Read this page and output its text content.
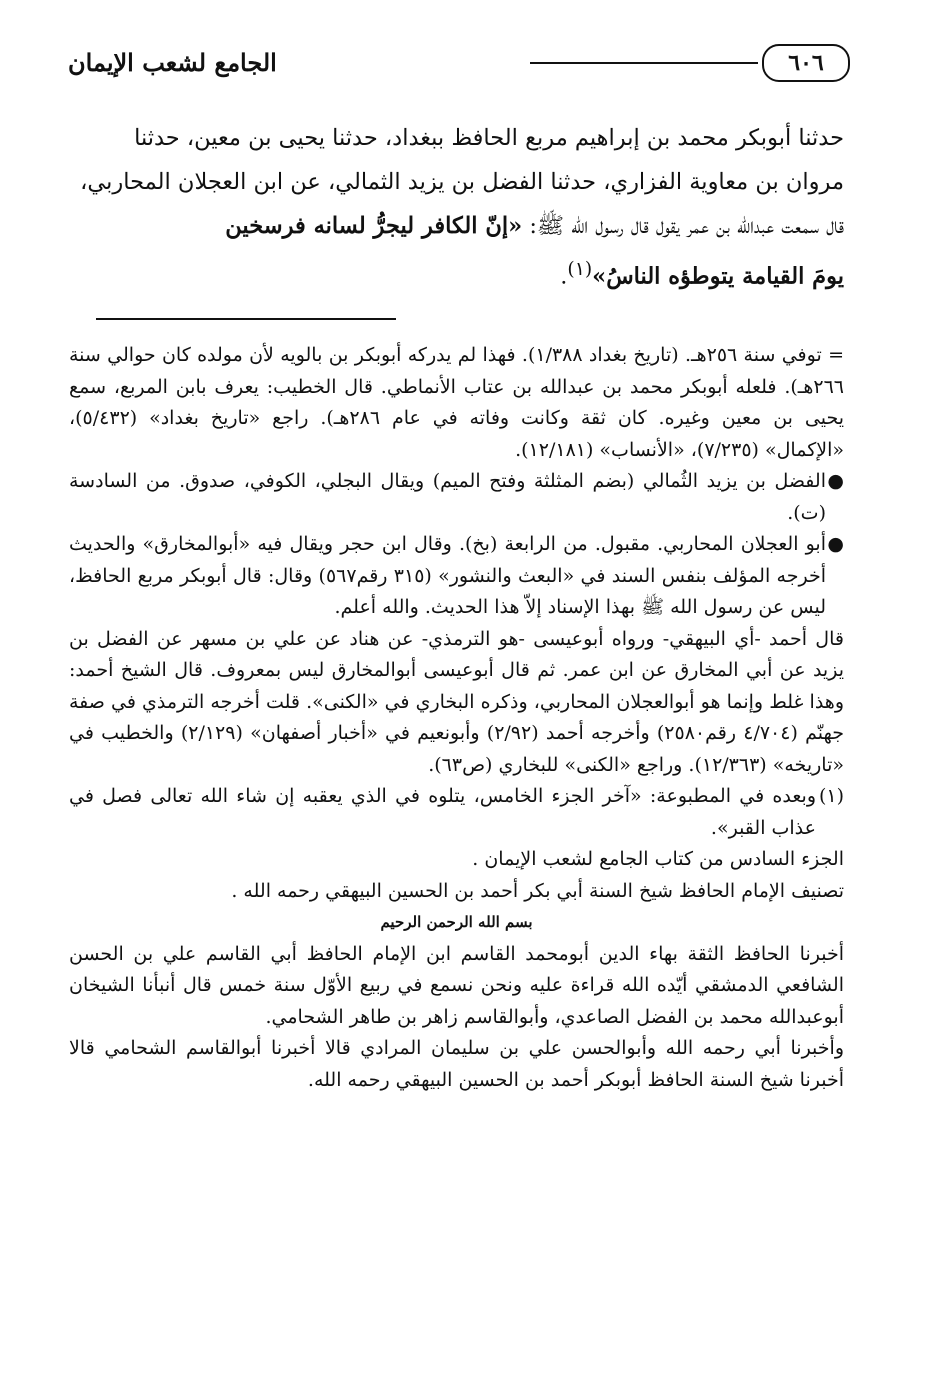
٦٠٦
الجامع لشعب الإيمان

حدثنا أبوبكر محمد بن إبراهيم مربع الحافظ ببغداد، حدثنا يحيى بن معين، حدثنا

مروان بن معاوية الفزاري، حدثنا الفضل بن يزيد الثمالي، عن ابن العجلان المحاربي،

قال سمعت عبدالله بن عمر يقول قال رسول الله ﷺ: «إنّ الكافر ليجرُّ لسانه فرسخين

يومَ القيامة يتوطؤه الناسُ»$^{(١)}$.

= توفي سنة ٢٥٦هـ. (تاريخ بغداد ١/٣٨٨). فهذا لم يدركه أبوبكر بن بالويه لأن مولده كان حوالي سنة ٢٦٦هـ). فلعله أبوبكر محمد بن عبدالله بن عتاب الأنماطي. قال الخطيب: يعرف بابن المربع، سمع يحيى بن معين وغيره. كان ثقة وكانت وفاته في عام ٢٨٦هـ). راجع «تاريخ بغداد» (٥/٤٣٢)، «الإكمال» (٧/٢٣٥)، «الأنساب» (١٢/١٨١).

●
الفضل بن يزيد الثُمالي (بضم المثلثة وفتح الميم) ويقال البجلي، الكوفي، صدوق. من السادسة (ت).
●
أبو العجلان المحاربي. مقبول. من الرابعة (بخ). وقال ابن حجر ويقال فيه «أبوالمخارق» والحديث أخرجه المؤلف بنفس السند في «البعث والنشور» (٣١٥ رقم٥٦٧) وقال: قال أبوبكر مربع الحافظ، ليس عن رسول الله ﷺ بهذا الإسناد إلاّ هذا الحديث. والله أعلم.

قال أحمد -أي البيهقي- ورواه أبوعيسى -هو الترمذي- عن هناد عن علي بن مسهر عن الفضل بن يزيد عن أبي المخارق عن ابن عمر. ثم قال أبوعيسى أبوالمخارق ليس بمعروف. قال الشيخ أحمد: وهذا غلط وإنما هو أبوالعجلان المحاربي، وذكره البخاري في «الكنى». قلت أخرجه الترمذي في صفة جهنّم (٤/٧٠٤ رقم٢٥٨٠) وأخرجه أحمد (٢/٩٢) وأبونعيم في «أخبار أصفهان» (٢/١٢٩) والخطيب في «تاريخه» (١٢/٣٦٣). وراجع «الكنى» للبخاري (ص٦٣).

(١)
وبعده في المطبوعة: «آخر الجزء الخامس، يتلوه في الذي يعقبه إن شاء الله تعالى فصل في عذاب القبر».

الجزء السادس من كتاب الجامع لشعب الإيمان .

تصنيف الإمام الحافظ شيخ السنة أبي بكر أحمد بن الحسين البيهقي رحمه الله .

بسم الله الرحمن الرحيم

أخبرنا الحافظ الثقة بهاء الدين أبومحمد القاسم ابن الإمام الحافظ أبي القاسم علي بن الحسن الشافعي الدمشقي أيّده الله قراءة عليه ونحن نسمع في ربيع الأوّل سنة خمس قال أنبأنا الشيخان أبوعبدالله محمد بن الفضل الصاعدي، وأبوالقاسم زاهر بن طاهر الشحامي.

وأخبرنا أبي رحمه الله وأبوالحسن علي بن سليمان المرادي قالا أخبرنا أبوالقاسم الشحامي قالا أخبرنا شيخ السنة الحافظ أبوبكر أحمد بن الحسين البيهقي رحمه الله.
